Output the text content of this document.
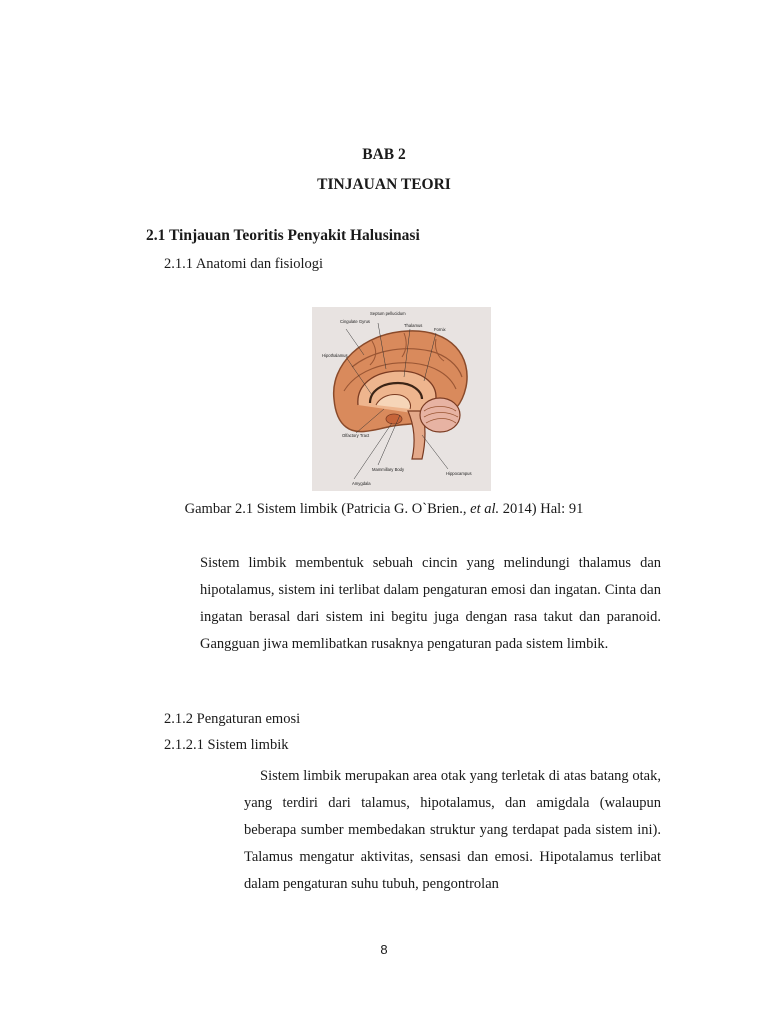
BAB 2
TINJAUAN TEORI
2.1 Tinjauan Teoritis Penyakit Halusinasi
2.1.1 Anatomi dan fisiologi
Cingulate Gyrus
Septum pellucidum
Thalamus
Fornix
Hipothalamus
Olfactory Tract
Mammillary Body
Amygdala
Hippocampus
Gambar 2.1 Sistem limbik (Patricia G. O`Brien., et al. 2014) Hal: 91
Sistem limbik membentuk sebuah cincin yang melindungi thalamus dan hipotalamus, sistem ini terlibat dalam pengaturan emosi dan ingatan. Cinta dan ingatan berasal dari sistem ini begitu juga dengan rasa takut dan paranoid. Gangguan jiwa memlibatkan rusaknya pengaturan pada sistem limbik.
2.1.2 Pengaturan emosi
2.1.2.1 Sistem limbik
Sistem limbik merupakan area otak yang terletak di atas batang otak, yang terdiri dari talamus, hipotalamus, dan amigdala (walaupun beberapa sumber membedakan struktur yang terdapat pada sistem ini). Talamus mengatur aktivitas, sensasi dan emosi. Hipotalamus terlibat dalam pengaturan suhu tubuh, pengontrolan
8
